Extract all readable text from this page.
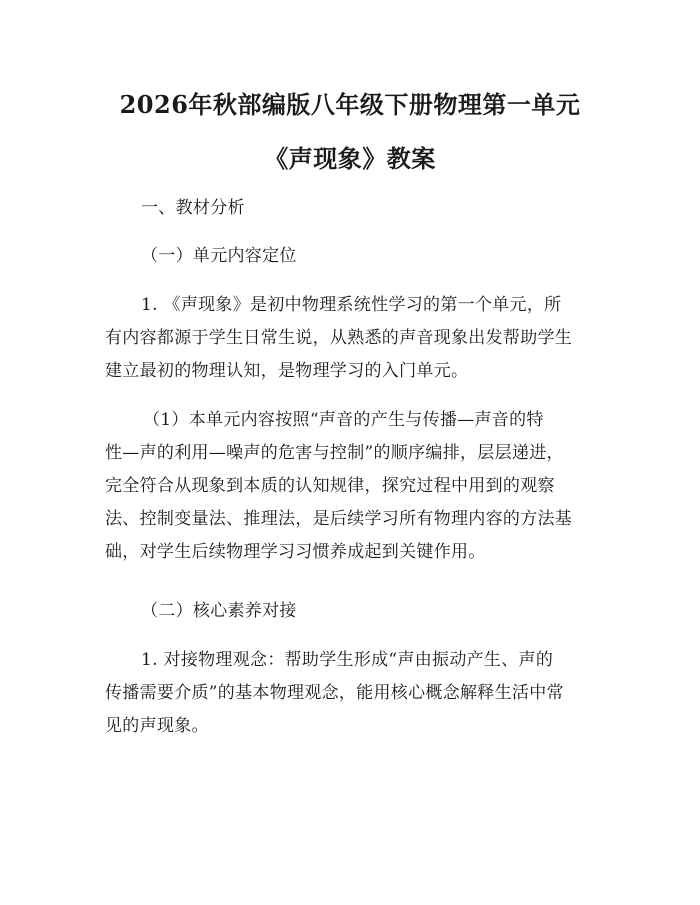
2026年秋部编版八年级下册物理第一单元
《声现象》教案
一、教材分析
（一）单元内容定位
1. 《声现象》是初中物理系统性学习的第一个单元，所
有内容都源于学生日常生说，从熟悉的声音现象出发帮助学生
建立最初的物理认知，是物理学习的入门单元。
（1）本单元内容按照“声音的产生与传播—声音的特
性—声的利用—噪声的危害与控制”的顺序编排，层层递进，
完全符合从现象到本质的认知规律，探究过程中用到的观察
法、控制变量法、推理法，是后续学习所有物理内容的方法基
础，对学生后续物理学习习惯养成起到关键作用。
（二）核心素养对接
1. 对接物理观念：帮助学生形成“声由振动产生、声的
传播需要介质”的基本物理观念，能用核心概念解释生活中常
见的声现象。
